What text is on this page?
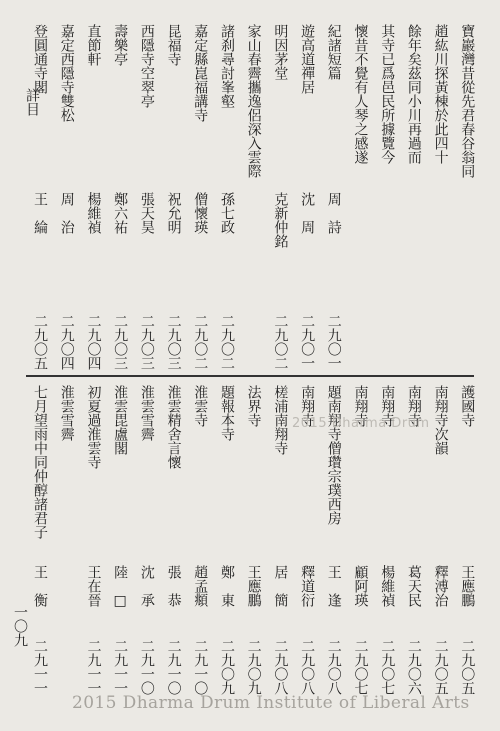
寶巖灣昔從先君春谷翁同
趙紘川探黃棟於此四十
餘年矣茲同小川再過而
其寺已爲邑民所據覽今
懷昔不覺有人琴之感遂
紀諸短篇
周　詩
二九〇一
遊高道禪居
沈　周
二九〇一
明因茅堂
克新仲銘
二九〇二
家山春霽攜逸侶深入雲際
諸刹尋討峯壑
孫七政
二九〇二
嘉定縣崑福講寺
僧懷瑛
二九〇二
昆福寺
祝允明
二九〇三
西隱寺空翠亭
張天昊
二九〇三
壽樂亭
鄭六祐
二九〇三
直節軒
楊維禎
二九〇四
嘉定西隱寺雙松
周　治
二九〇四
登圓通寺閣
王　綸
二九〇五
護國寺
王應鵬
二九〇五
南翔寺次韻
釋溥治
二九〇五
南翔寺
葛天民
二九〇六
南翔寺
楊維禎
二九〇七
南翔寺
顧阿瑛
二九〇七
題南翔寺僧瓚宗璞西房
王　逢
二九〇八
南翔寺
釋道衍
二九〇八
槎浦南翔寺
居　簡
二九〇八
法界寺
王應鵬
二九〇九
題報本寺
鄭　東
二九〇九
淮雲寺
趙孟頫
二九一〇
淮雲精舍言懷
張　恭
二九一〇
淮雲雪霽
沈　承
二九一〇
淮雲毘盧閣
陸　□
二九一一
初夏過淮雲寺
王在晉
二九一一
淮雲雪霽
七月望雨中同仲醇諸君子
王　衡
二九一一
詳目
一〇九
2015 Dharma Drum
2015 Dharma Drum Institute of Liberal Arts
